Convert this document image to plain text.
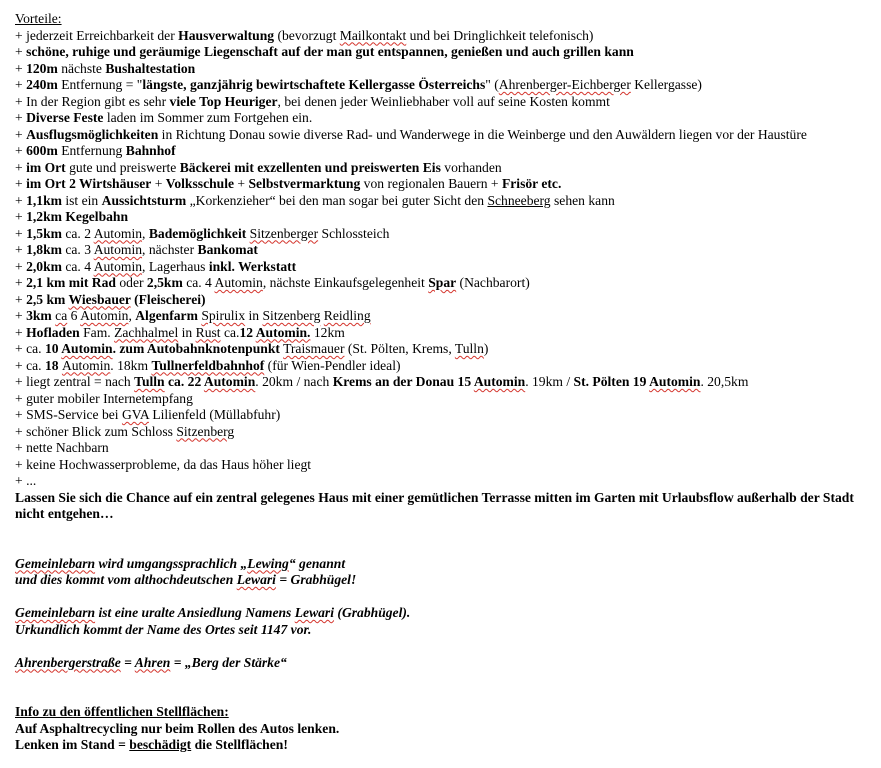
Vorteile:
+ jederzeit Erreichbarkeit der Hausverwaltung (bevorzugt Mailkontakt und bei Dringlichkeit telefonisch)
+ schöne, ruhige und geräumige Liegenschaft auf der man gut entspannen, genießen und auch grillen kann
+ 120m nächste Bushaltestation
+ 240m Entfernung = "längste, ganzjährig bewirtschaftete Kellergasse Österreichs" (Ahrenberger-Eichberger Kellergasse)
+ In der Region gibt es sehr viele Top Heuriger, bei denen jeder Weinliebhaber voll auf seine Kosten kommt
+ Diverse Feste laden im Sommer zum Fortgehen ein.
+ Ausflugsmöglichkeiten in Richtung Donau sowie diverse Rad- und Wanderwege in die Weinberge und den Auwäldern liegen vor der Haustüre
+ 600m Entfernung Bahnhof
+ im Ort gute und preiswerte Bäckerei mit exzellenten und preiswerten Eis vorhanden
+ im Ort 2 Wirtshäuser + Volksschule + Selbstvermarktung von regionalen Bauern + Frisör etc.
+ 1,1km ist ein Aussichtsturm „Korkenzieher“ bei den man sogar bei guter Sicht den Schneeberg sehen kann
+ 1,2km Kegelbahn
+ 1,5km ca. 2 Automin, Bademöglichkeit Sitzenberger Schlossteich
+ 1,8km ca. 3 Automin, nächster Bankomat
+ 2,0km ca. 4 Automin, Lagerhaus inkl. Werkstatt
+ 2,1 km mit Rad oder 2,5km ca. 4 Automin, nächste Einkaufsgelegenheit Spar (Nachbarort)
+ 2,5 km Wiesbauer (Fleischerei)
+ 3km ca 6 Automin, Algenfarm Spirulix in Sitzenberg Reidling
+ Hofladen Fam. Zachhalmel in Rust ca.12 Automin. 12km
+ ca. 10 Automin. zum Autobahnknotenpunkt Traismauer (St. Pölten, Krems, Tulln)
+ ca. 18 Automin. 18km Tullnerfeldbahnhof (für Wien-Pendler ideal)
+ liegt zentral = nach Tulln ca. 22 Automin. 20km / nach Krems an der Donau 15 Automin. 19km / St. Pölten 19 Automin. 20,5km
+ guter mobiler Internetempfang
+ SMS-Service bei GVA Lilienfeld (Müllabfuhr)
+ schöner Blick zum Schloss Sitzenberg
+ nette Nachbarn
+ keine Hochwasserprobleme, da das Haus höher liegt
+ ...
Lassen Sie sich die Chance auf ein zentral gelegenes Haus mit einer gemütlichen Terrasse mitten im Garten mit Urlaubsflow außerhalb der Stadt nicht entgehen…
Gemeinlebarn wird umgangssprachlich „Lewing“ genannt
und dies kommt vom althochdeutschen Lewari = Grabhügel!
Gemeinlebarn ist eine uralte Ansiedlung Namens Lewari (Grabhügel).
Urkundlich kommt der Name des Ortes seit 1147 vor.
Ahrenbergerstraße = Ahren = „Berg der Stärke“
Info zu den öffentlichen Stellflächen:
Auf Asphaltrecycling nur beim Rollen des Autos lenken.
Lenken im Stand = beschädigt die Stellflächen!
